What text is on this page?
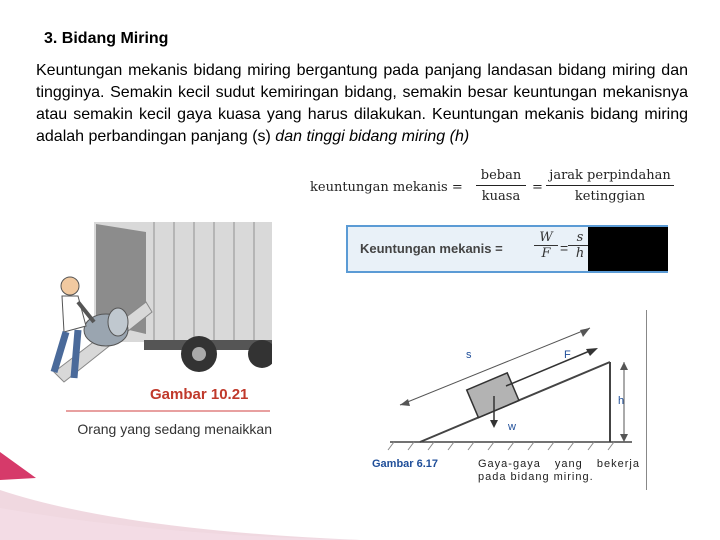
3. Bidang Miring
Keuntungan mekanis bidang miring bergantung pada panjang landasan bidang miring dan tingginya. Semakin kecil sudut kemiringan bidang, semakin besar keuntungan mekanisnya atau semakin kecil gaya kuasa yang harus dilakukan. Keuntungan mekanis bidang miring adalah perbandingan panjang (s) dan tinggi bidang miring (h)
keuntungan mekanis =
beban
kuasa
=
jarak perpindahan
ketinggian
Keuntungan mekanis = $\frac{W}{F} = \frac{s}{h}$
Gambar 10.21
Orang yang sedang menaikkan
s	F
h
w
Gambar 6.17	Gaya-gaya yang bekerja pada bidang miring.
